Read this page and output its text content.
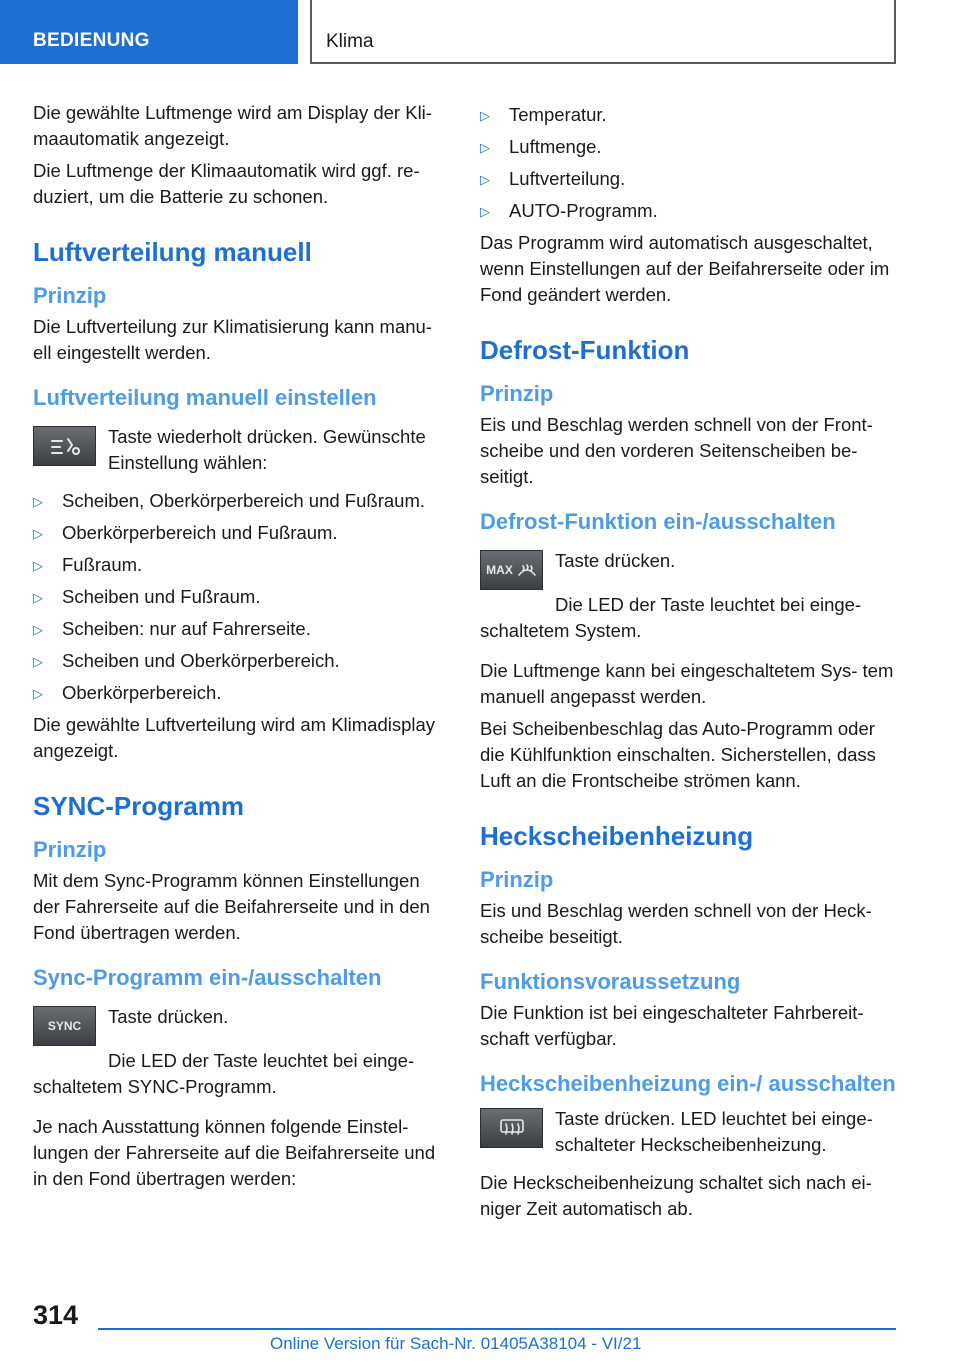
BEDIENUNG	Klima

Die gewählte Luftmenge wird am Display der Kli‐ maautomatik angezeigt.

Die Luftmenge der Klimaautomatik wird ggf. re‐ duziert, um die Batterie zu schonen.

Luftverteilung manuell
Prinzip

Die Luftverteilung zur Klimatisierung kann manu‐ ell eingestellt werden.

Luftverteilung manuell einstellen

Taste wiederholt drücken. Gewünschte Einstellung wählen:

▷ Scheiben, Oberkörperbereich und Fußraum.
▷ Oberkörperbereich und Fußraum.
▷ Fußraum.
▷ Scheiben und Fußraum.
▷ Scheiben: nur auf Fahrerseite.
▷ Scheiben und Oberkörperbereich.
▷ Oberkörperbereich.

Die gewählte Luftverteilung wird am Klimadisplay angezeigt.

SYNC-Programm
Prinzip

Mit dem Sync-Programm können Einstellungen der Fahrerseite auf die Beifahrerseite und in den Fond übertragen werden.

Sync-Programm ein-/ausschalten
SYNC	Taste drücken.

Die LED der Taste leuchtet bei einge‐ schaltetem SYNC-Programm.

Je nach Ausstattung können folgende Einstel‐ lungen der Fahrerseite auf die Beifahrerseite und in den Fond übertragen werden:

▷ Temperatur.
▷ Luftmenge.
▷ Luftverteilung.
▷ AUTO-Programm.

Das Programm wird automatisch ausgeschaltet, wenn Einstellungen auf der Beifahrerseite oder im Fond geändert werden.

Defrost-Funktion
Prinzip

Eis und Beschlag werden schnell von der Front‐ scheibe und den vorderen Seitenscheiben be‐ seitigt.

Defrost-Funktion ein-/ausschalten
MAX Taste drücken.

Die LED der Taste leuchtet bei einge‐ schaltetem System.

Die Luftmenge kann bei eingeschaltetem Sys‐ tem manuell angepasst werden.

Bei Scheibenbeschlag das Auto-Programm oder die Kühlfunktion einschalten. Sicherstellen, dass Luft an die Frontscheibe strömen kann.

Heckscheibenheizung
Prinzip

Eis und Beschlag werden schnell von der Heck‐ scheibe beseitigt.

Funktionsvoraussetzung

Die Funktion ist bei eingeschalteter Fahrbereit‐ schaft verfügbar.

Heckscheibenheizung ein-/ ausschalten

Taste drücken. LED leuchtet bei einge‐ schalteter Heckscheibenheizung.

Die Heckscheibenheizung schaltet sich nach ei‐ niger Zeit automatisch ab.

314
Online Version für Sach-Nr. 01405A38104 - VI/21
